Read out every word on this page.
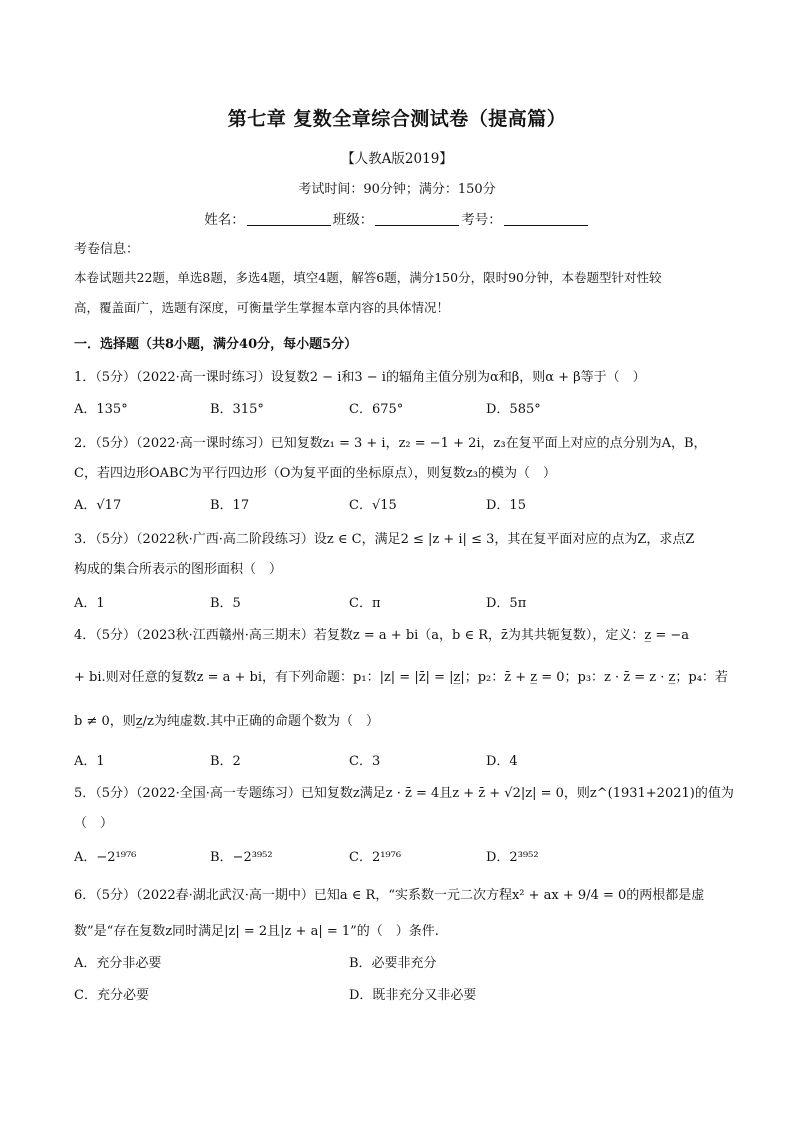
第七章 复数全章综合测试卷（提高篇）
【人教A版2019】
考试时间：90分钟；满分：150分
姓名：	班级：	考号：
考卷信息：
本卷试题共22题，单选8题，多选4题，填空4题，解答6题，满分150分，限时90分钟，本卷题型针对性较
高，覆盖面广，选题有深度，可衡量学生掌握本章内容的具体情况！
一．选择题（共8小题，满分40分，每小题5分）
1．（5分）（2022·高一课时练习）设复数2 − i和3 − i的辐角主值分别为α和β，则α + β等于（　）
A．135°	B．315°	C．675°	D．585°
2．（5分）（2022·高一课时练习）已知复数z₁ = 3 + i，z₂ = −1 + 2i，z₃在复平面上对应的点分别为A，B，
C，若四边形OABC为平行四边形（O为复平面的坐标原点），则复数z₃的模为（　）
A．√17	B．17	C．√15	D．15
3．（5分）（2022秋·广西·高二阶段练习）设z ∈ C，满足2 ≤ |z + i| ≤ 3，其在复平面对应的点为Z，求点Z
构成的集合所表示的图形面积（　）
A．1	B．5	C．π	D．5π
4．（5分）（2023秋·江西赣州·高三期末）若复数z = a + bi（a，b ∈ R，z̄为其共轭复数），定义：z̲ = −a
+ bi.则对任意的复数z = a + bi，有下列命题：p₁：|z| = |z̄| = |z̲|；p₂：z̄ + z̲ = 0；p₃：z · z̄ = z · z̲；p₄：若
b ≠ 0，则z̲/z为纯虚数.其中正确的命题个数为（　）
A．1	B．2	C．3	D．4
5．（5分）（2022·全国·高一专题练习）已知复数z满足z · z̄ = 4且z + z̄ + √2|z| = 0，则z^(1931+2021)的值为
（　）
A．−2¹⁹⁷⁶	B．−2³⁹⁵²	C．2¹⁹⁷⁶	D．2³⁹⁵²
6．（5分）（2022春·湖北武汉·高一期中）已知a ∈ R，“实系数一元二次方程x² + ax + 9/4 = 0的两根都是虚
数”是“存在复数z同时满足|z| = 2且|z + a| = 1”的（　）条件.
A．充分非必要	B．必要非充分
C．充分必要	D．既非充分又非必要
